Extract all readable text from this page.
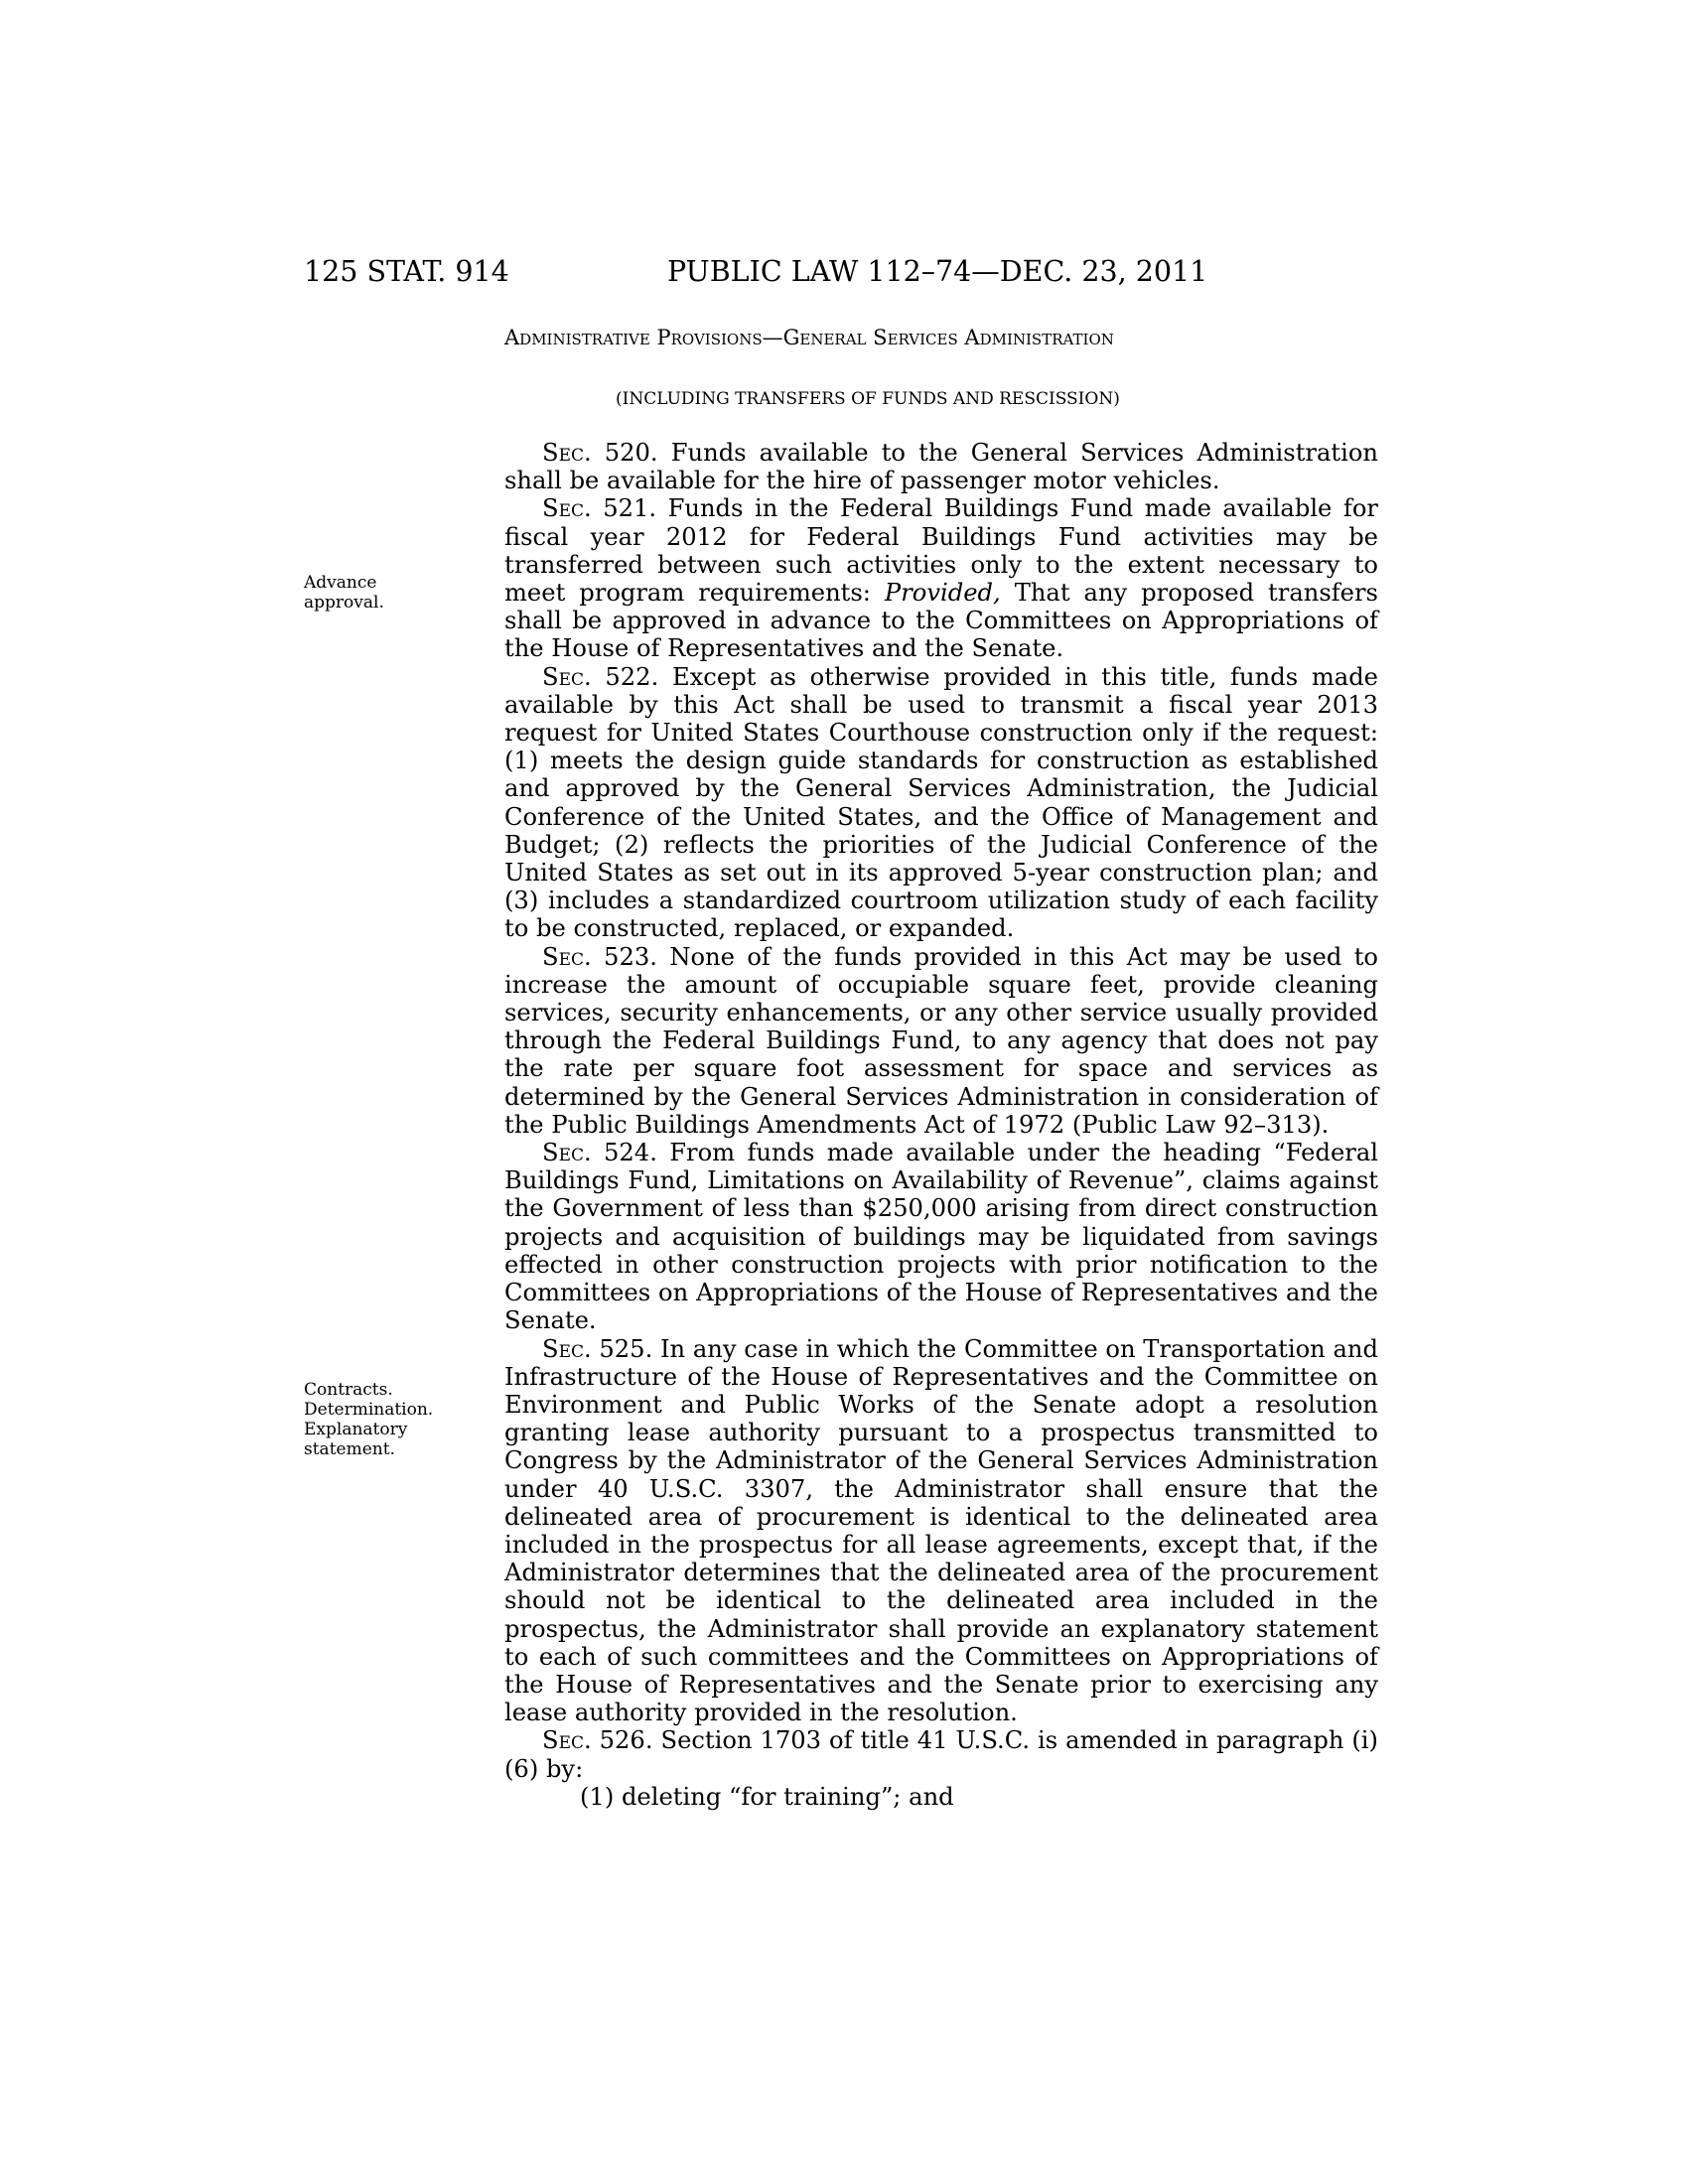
125 STAT. 914	PUBLIC LAW 112–74—DEC. 23, 2011
Administrative Provisions—General Services Administration
(INCLUDING TRANSFERS OF FUNDS AND RESCISSION)
Advance
approval.
Contracts.
Determination.
Explanatory
statement.

Sec. 520. Funds available to the General Services Administration shall be available for the hire of passenger motor vehicles.

Sec. 521. Funds in the Federal Buildings Fund made available for fiscal year 2012 for Federal Buildings Fund activities may be transferred between such activities only to the extent necessary to meet program requirements: Provided, That any proposed transfers shall be approved in advance to the Committees on Appropriations of the House of Representatives and the Senate.

Sec. 522. Except as otherwise provided in this title, funds made available by this Act shall be used to transmit a fiscal year 2013 request for United States Courthouse construction only if the request: (1) meets the design guide standards for construction as established and approved by the General Services Administration, the Judicial Conference of the United States, and the Office of Management and Budget; (2) reflects the priorities of the Judicial Conference of the United States as set out in its approved 5-year construction plan; and (3) includes a standardized courtroom utilization study of each facility to be constructed, replaced, or expanded.

Sec. 523. None of the funds provided in this Act may be used to increase the amount of occupiable square feet, provide cleaning services, security enhancements, or any other service usually provided through the Federal Buildings Fund, to any agency that does not pay the rate per square foot assessment for space and services as determined by the General Services Administration in consideration of the Public Buildings Amendments Act of 1972 (Public Law 92–313).

Sec. 524. From funds made available under the heading “Federal Buildings Fund, Limitations on Availability of Revenue”, claims against the Government of less than $250,000 arising from direct construction projects and acquisition of buildings may be liquidated from savings effected in other construction projects with prior notification to the Committees on Appropriations of the House of Representatives and the Senate.

Sec. 525. In any case in which the Committee on Transportation and Infrastructure of the House of Representatives and the Committee on Environment and Public Works of the Senate adopt a resolution granting lease authority pursuant to a prospectus transmitted to Congress by the Administrator of the General Services Administration under 40 U.S.C. 3307, the Administrator shall ensure that the delineated area of procurement is identical to the delineated area included in the prospectus for all lease agreements, except that, if the Administrator determines that the delineated area of the procurement should not be identical to the delineated area included in the prospectus, the Administrator shall provide an explanatory statement to each of such committees and the Committees on Appropriations of the House of Representatives and the Senate prior to exercising any lease authority provided in the resolution.

Sec. 526. Section 1703 of title 41 U.S.C. is amended in paragraph (i)(6) by:

(1) deleting “for training”; and
